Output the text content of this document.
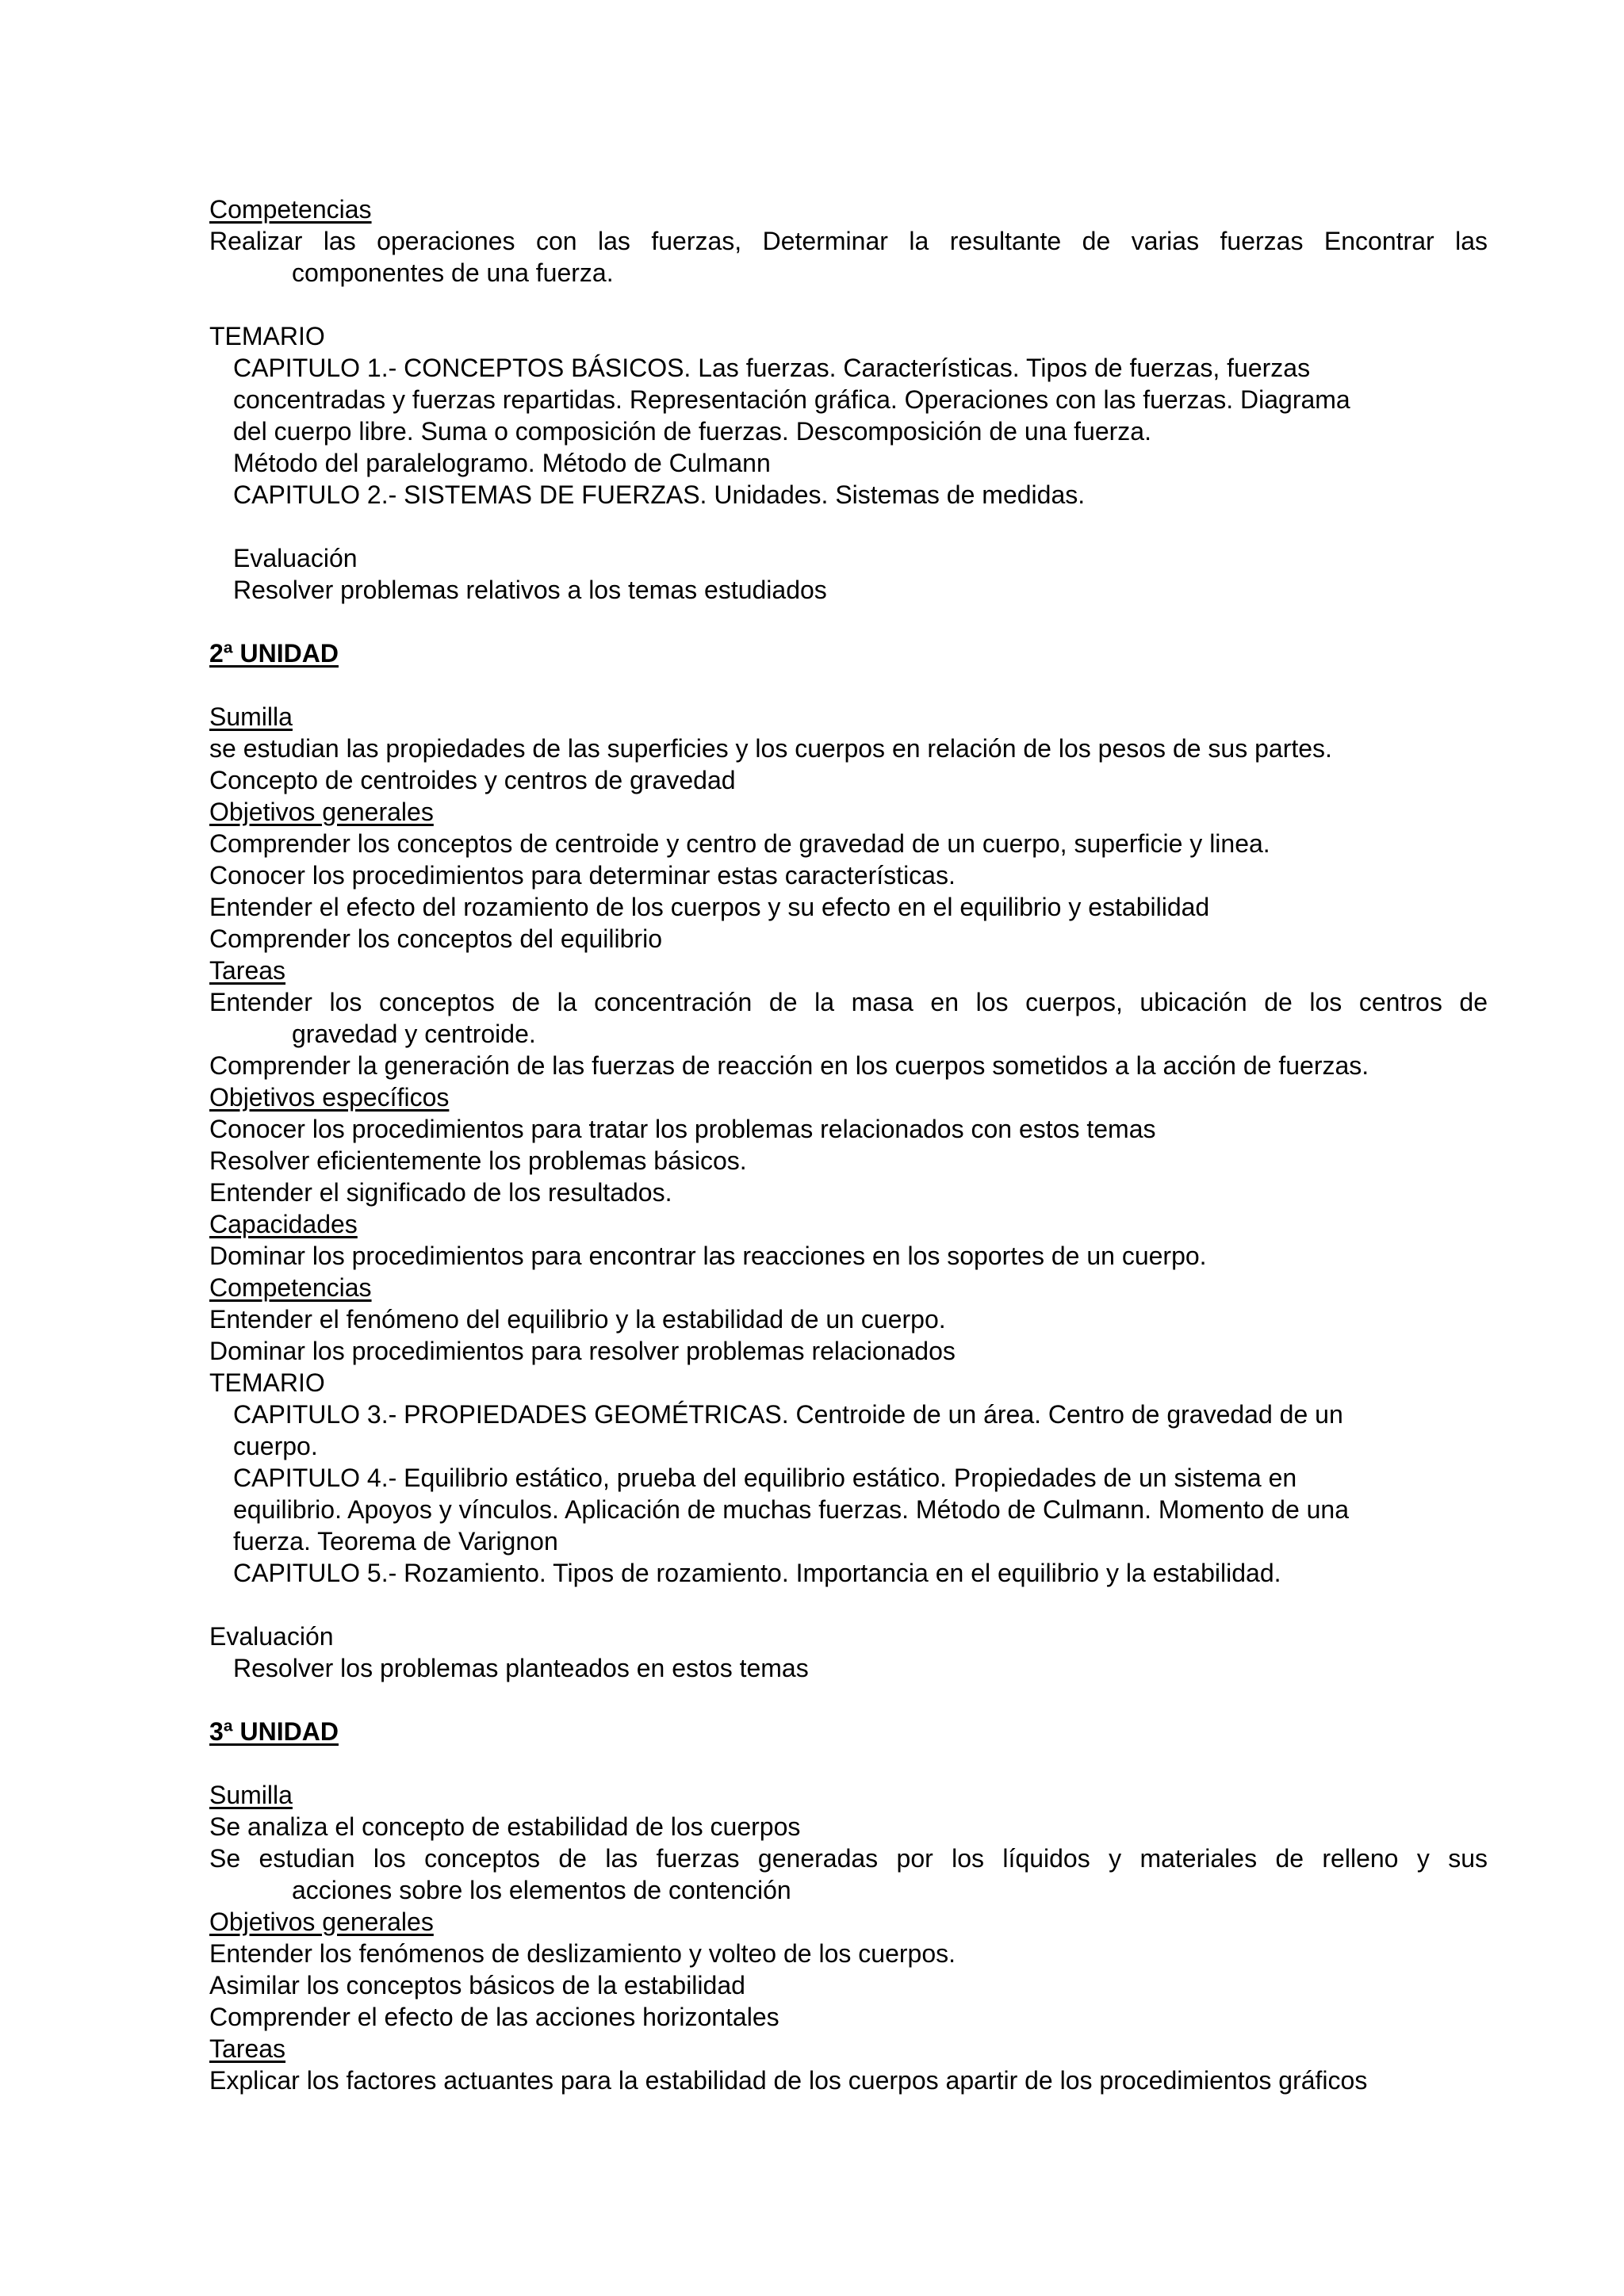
Competencias

Realizar las operaciones con las fuerzas, Determinar la resultante de varias fuerzas Encontrar las

componentes de una fuerza.

TEMARIO

CAPITULO 1.- CONCEPTOS BÁSICOS. Las fuerzas. Características. Tipos de fuerzas, fuerzas

concentradas y fuerzas repartidas. Representación gráfica. Operaciones con las fuerzas. Diagrama

del cuerpo libre. Suma o composición de fuerzas. Descomposición de una fuerza.

Método del paralelogramo. Método de Culmann

CAPITULO 2.- SISTEMAS DE FUERZAS. Unidades. Sistemas de medidas.

Evaluación

Resolver problemas relativos a los temas estudiados

2ª UNIDAD

Sumilla

se estudian las propiedades de las superficies y los cuerpos en relación de los pesos de sus partes.

Concepto de centroides y centros de gravedad

Objetivos generales

Comprender los conceptos de centroide y centro de gravedad de un cuerpo, superficie y linea.

Conocer los procedimientos para determinar estas características.

Entender el efecto del rozamiento de los cuerpos y su efecto en el equilibrio y estabilidad

Comprender los conceptos del equilibrio

Tareas

Entender los conceptos de la concentración de la masa en los cuerpos, ubicación de los centros de

gravedad y centroide.

Comprender la generación de las fuerzas de reacción en los cuerpos sometidos a la acción de fuerzas.

Objetivos específicos

Conocer los procedimientos para tratar los problemas relacionados con estos temas

Resolver eficientemente los problemas básicos.

Entender el significado de los resultados.

Capacidades

Dominar los procedimientos para encontrar las reacciones en los soportes de un cuerpo.

Competencias

Entender el fenómeno del equilibrio y la estabilidad de un cuerpo.

Dominar los procedimientos para resolver problemas relacionados

TEMARIO

CAPITULO 3.- PROPIEDADES GEOMÉTRICAS. Centroide de un área. Centro de gravedad de un

cuerpo.

CAPITULO 4.- Equilibrio estático, prueba del equilibrio estático. Propiedades de un sistema en

equilibrio. Apoyos y vínculos. Aplicación de muchas fuerzas. Método de Culmann. Momento de una

fuerza. Teorema de Varignon

CAPITULO 5.- Rozamiento. Tipos de rozamiento. Importancia en el equilibrio y la estabilidad.

Evaluación

Resolver los problemas planteados en estos temas

3ª UNIDAD

Sumilla

Se analiza el concepto de estabilidad de los cuerpos

Se estudian los conceptos de las fuerzas generadas por los líquidos y materiales de relleno y sus

acciones sobre los elementos de contención

Objetivos generales

Entender los fenómenos de deslizamiento y volteo de los cuerpos.

Asimilar los conceptos básicos de la estabilidad

Comprender el efecto de las acciones horizontales

Tareas

Explicar los factores actuantes para la estabilidad de los cuerpos apartir de los procedimientos gráficos
